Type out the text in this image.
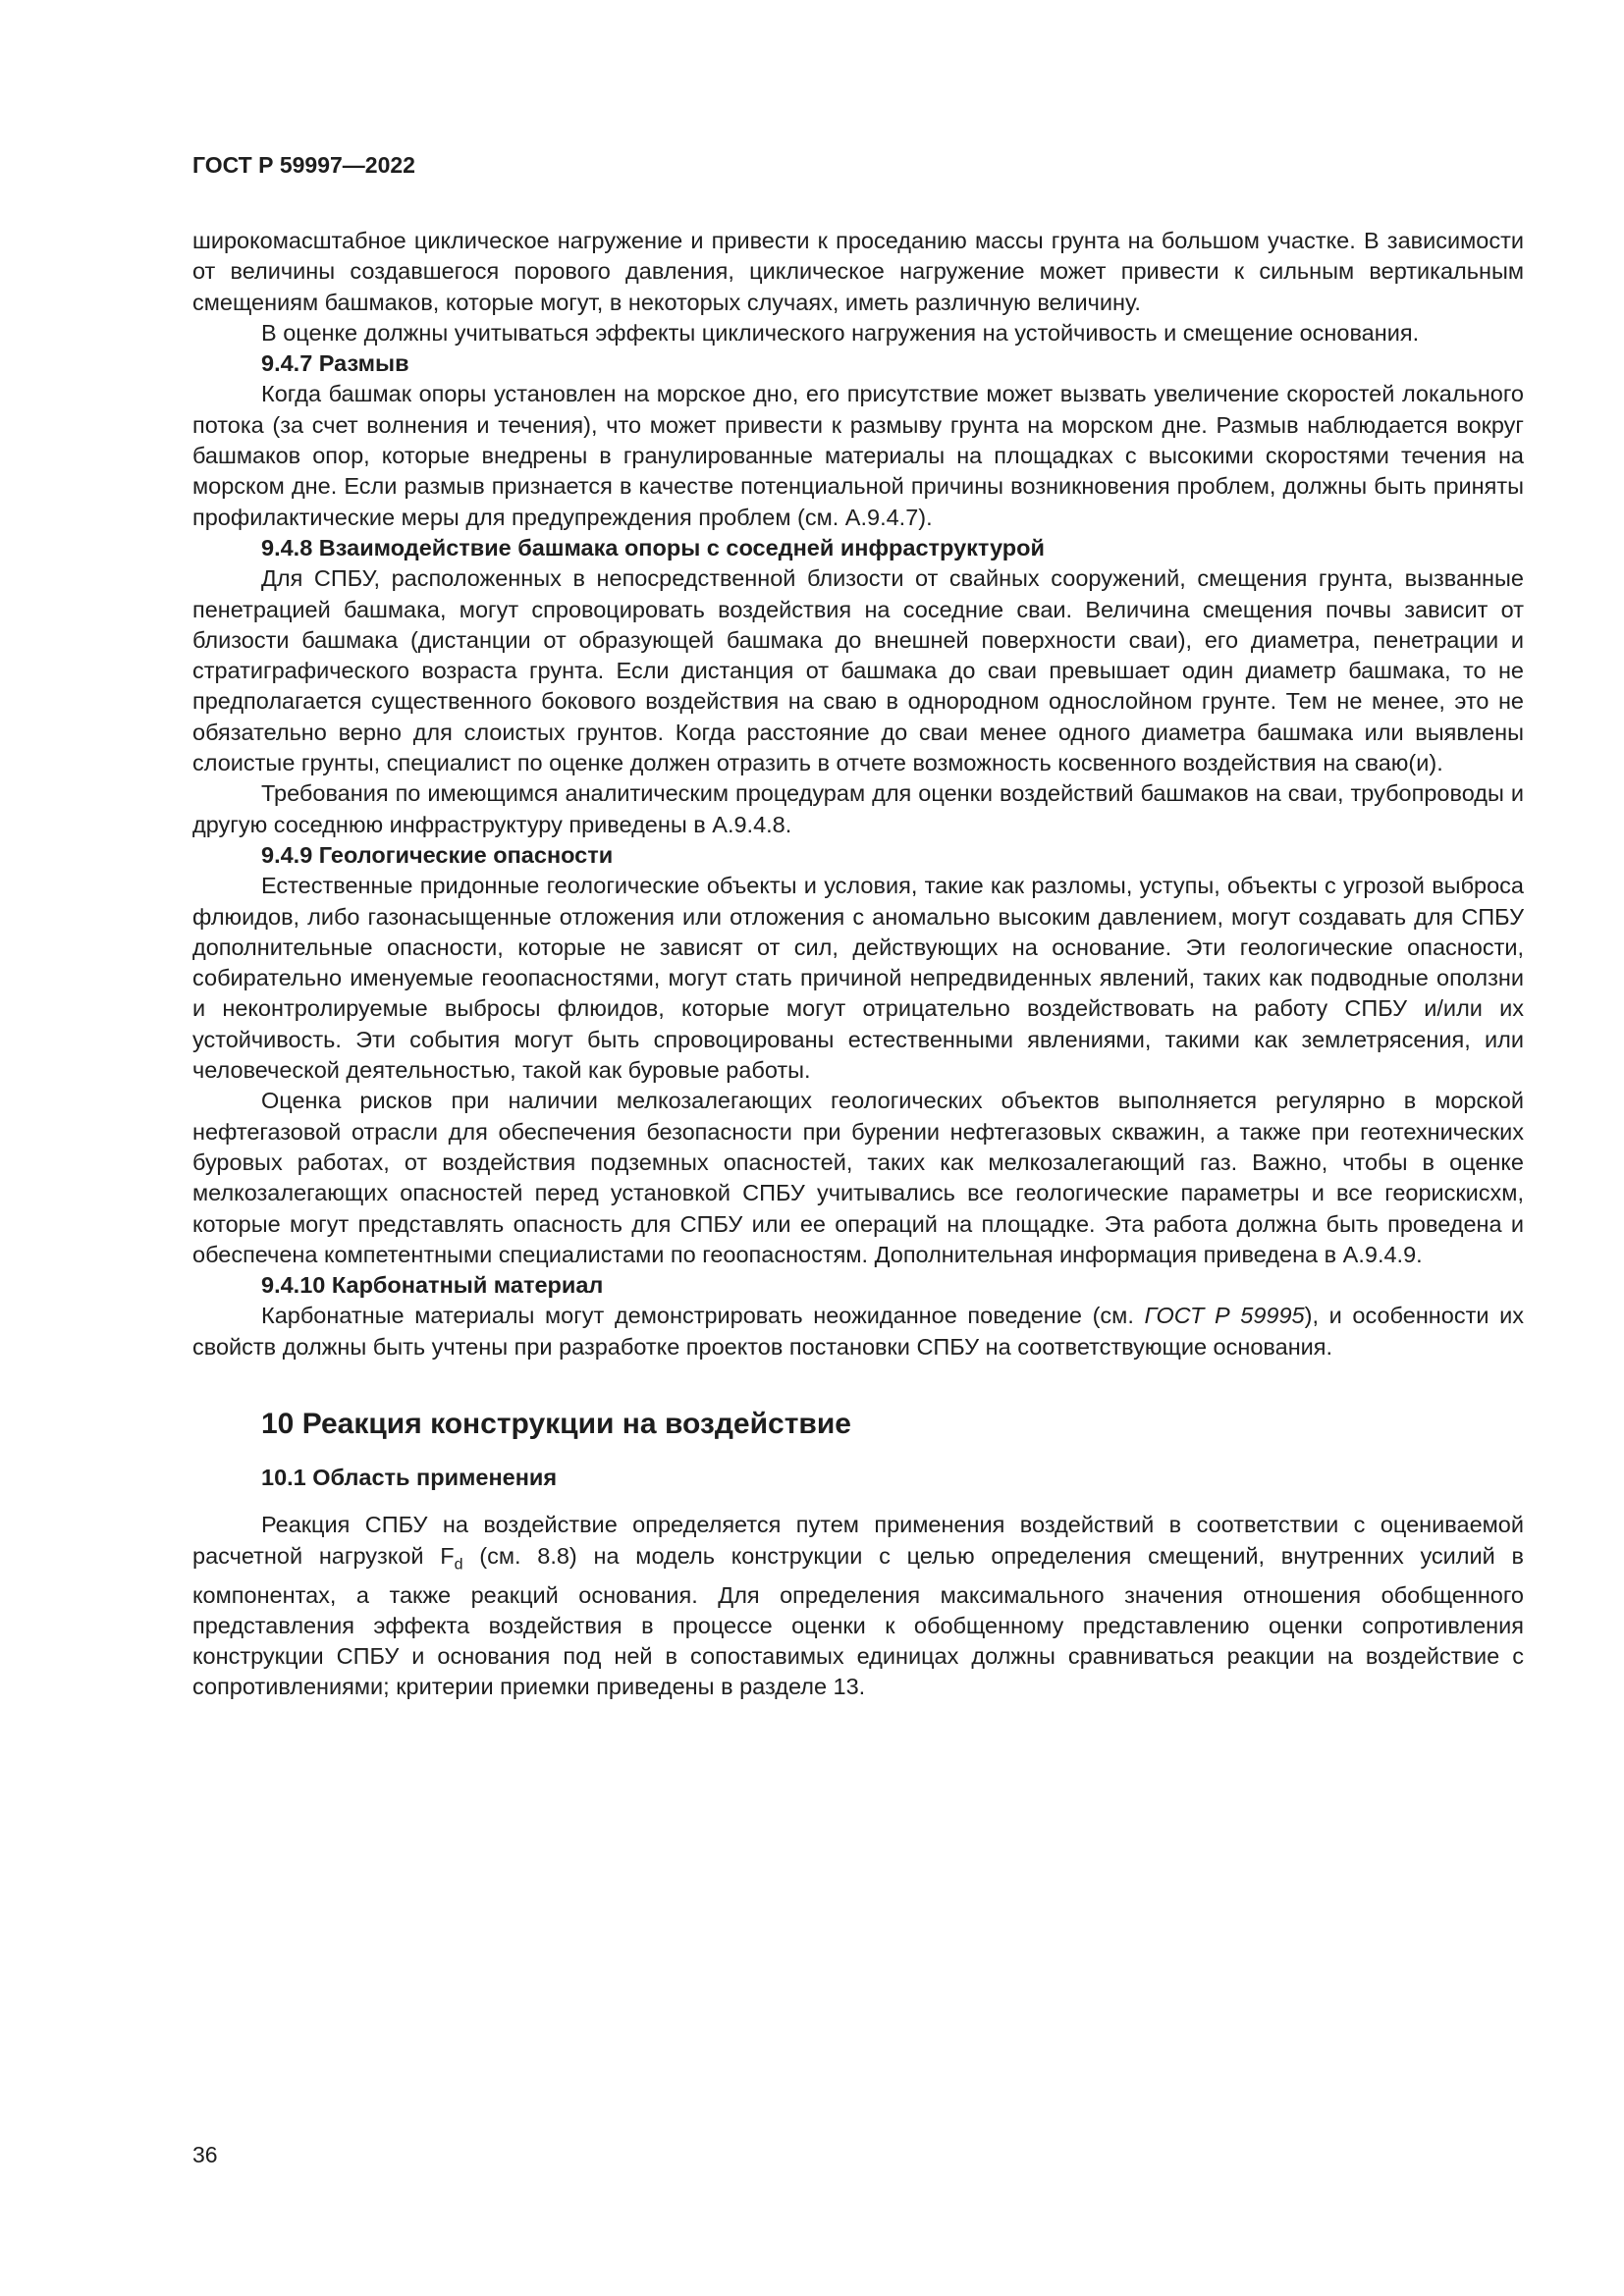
ГОСТ Р 59997—2022

широкомасштабное циклическое нагружение и привести к проседанию массы грунта на большом участке. В зависимости от величины создавшегося порового давления, циклическое нагружение может привести к сильным вертикальным смещениям башмаков, которые могут, в некоторых случаях, иметь различную величину.

В оценке должны учитываться эффекты циклического нагружения на устойчивость и смещение основания.

9.4.7 Размыв

Когда башмак опоры установлен на морское дно, его присутствие может вызвать увеличение скоростей локального потока (за счет волнения и течения), что может привести к размыву грунта на морском дне. Размыв наблюдается вокруг башмаков опор, которые внедрены в гранулированные материалы на площадках с высокими скоростями течения на морском дне. Если размыв признается в качестве потенциальной причины возникновения проблем, должны быть приняты профилактические меры для предупреждения проблем (см. А.9.4.7).

9.4.8 Взаимодействие башмака опоры с соседней инфраструктурой

Для СПБУ, расположенных в непосредственной близости от свайных сооружений, смещения грунта, вызванные пенетрацией башмака, могут спровоцировать воздействия на соседние сваи. Величина смещения почвы зависит от близости башмака (дистанции от образующей башмака до внешней поверхности сваи), его диаметра, пенетрации и стратиграфического возраста грунта. Если дистанция от башмака до сваи превышает один диаметр башмака, то не предполагается существенного бокового воздействия на сваю в однородном однослойном грунте. Тем не менее, это не обязательно верно для слоистых грунтов. Когда расстояние до сваи менее одного диаметра башмака или выявлены слоистые грунты, специалист по оценке должен отразить в отчете возможность косвенного воздействия на сваю(и).

Требования по имеющимся аналитическим процедурам для оценки воздействий башмаков на сваи, трубопроводы и другую соседнюю инфраструктуру приведены в А.9.4.8.

9.4.9 Геологические опасности

Естественные придонные геологические объекты и условия, такие как разломы, уступы, объекты с угрозой выброса флюидов, либо газонасыщенные отложения или отложения с аномально высоким давлением, могут создавать для СПБУ дополнительные опасности, которые не зависят от сил, действующих на основание. Эти геологические опасности, собирательно именуемые геоопасностями, могут стать причиной непредвиденных явлений, таких как подводные оползни и неконтролируемые выбросы флюидов, которые могут отрицательно воздействовать на работу СПБУ и/или их устойчивость. Эти события могут быть спровоцированы естественными явлениями, такими как землетрясения, или человеческой деятельностью, такой как буровые работы.

Оценка рисков при наличии мелкозалегающих геологических объектов выполняется регулярно в морской нефтегазовой отрасли для обеспечения безопасности при бурении нефтегазовых скважин, а также при геотехнических буровых работах, от воздействия подземных опасностей, таких как мелкозалегающий газ. Важно, чтобы в оценке мелкозалегающих опасностей перед установкой СПБУ учитывались все геологические параметры и все георискисхм, которые могут представлять опасность для СПБУ или ее операций на площадке. Эта работа должна быть проведена и обеспечена компетентными специалистами по геоопасностям. Дополнительная информация приведена в А.9.4.9.

9.4.10 Карбонатный материал

Карбонатные материалы могут демонстрировать неожиданное поведение (см. ГОСТ Р 59995), и особенности их свойств должны быть учтены при разработке проектов постановки СПБУ на соответствующие основания.

10 Реакция конструкции на воздействие
10.1 Область применения

Реакция СПБУ на воздействие определяется путем применения воздействий в соответствии с оцениваемой расчетной нагрузкой $F_d$ (см. 8.8) на модель конструкции с целью определения смещений, внутренних усилий в компонентах, а также реакций основания. Для определения максимального значения отношения обобщенного представления эффекта воздействия в процессе оценки к обобщенному представлению оценки сопротивления конструкции СПБУ и основания под ней в сопоставимых единицах должны сравниваться реакции на воздействие с сопротивлениями; критерии приемки приведены в разделе 13.

36
